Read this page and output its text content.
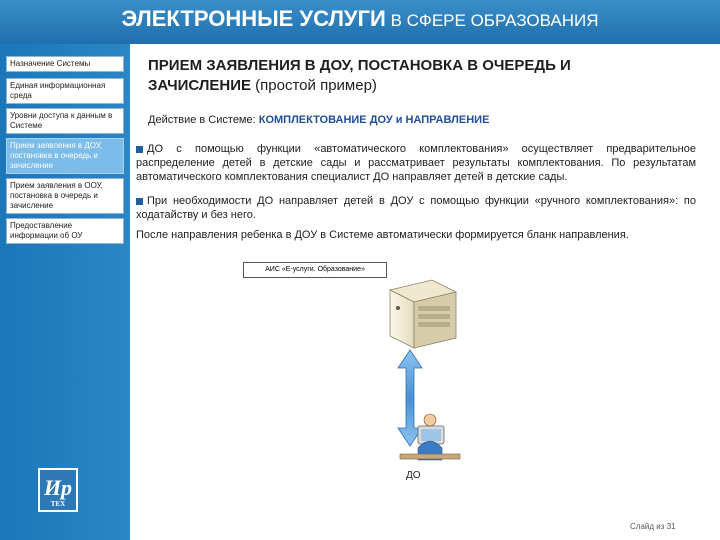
ЭЛЕКТРОННЫЕ УСЛУГИ В СФЕРЕ ОБРАЗОВАНИЯ
Назначение Системы
Единая информационная среда
Уровни доступа к данным в Системе
Прием заявления в ДОУ, постановка в очередь и зачисление
Прием заявления в ООУ, постановка в очередь и зачисление
Предоставление информации об ОУ
Ир
ТЕХ
ПРИЕМ ЗАЯВЛЕНИЯ В ДОУ, ПОСТАНОВКА В ОЧЕРЕДЬ И
ЗАЧИСЛЕНИЕ (простой пример)
Действие в Системе: КОМПЛЕКТОВАНИЕ ДОУ и НАПРАВЛЕНИЕ
ДО с помощью функции «автоматического комплектования» осуществляет предварительное распределение детей в детские сады и рассматривает результаты комплектования. По результатам автоматического комплектования специалист ДО направляет детей в детские сады.
При необходимости ДО направляет детей в ДОУ с помощью функции «ручного комплектования»: по ходатайству и без него.
После направления ребенка в ДОУ в Системе автоматически формируется бланк направления.
АИС «Е-услуги. Образование»
ДО
Слайд из 31
